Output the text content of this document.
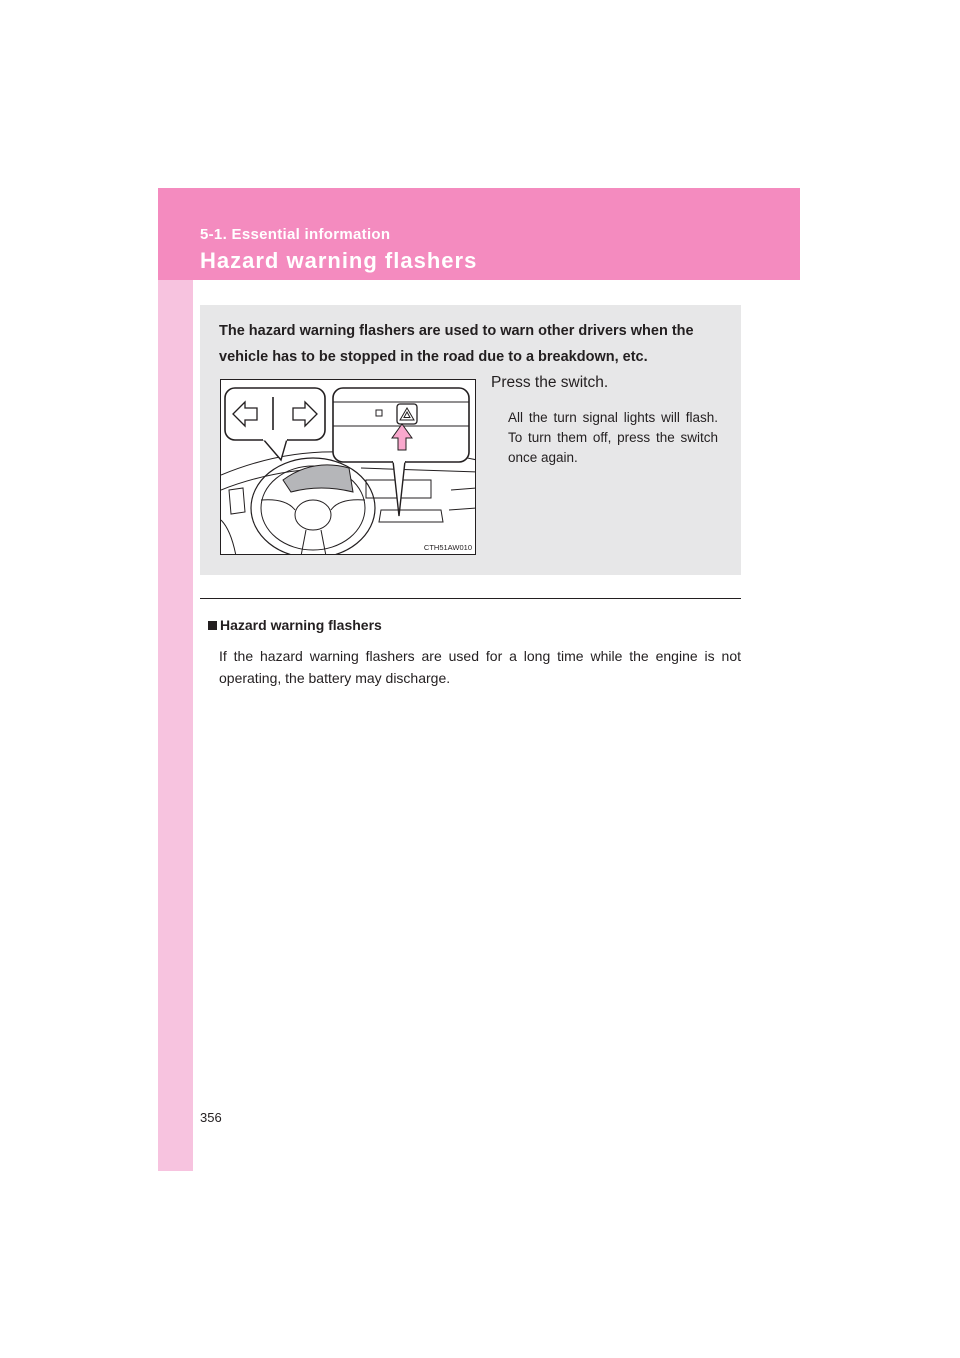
5-1. Essential information
Hazard warning flashers
The hazard warning flashers are used to warn other drivers when the vehicle has to be stopped in the road due to a breakdown, etc.
CTH51AW010
Press the switch.
All the turn signal lights will flash. To turn them off, press the switch once again.
Hazard warning flashers
If the hazard warning flashers are used for a long time while the engine is not operating, the battery may discharge.
356
